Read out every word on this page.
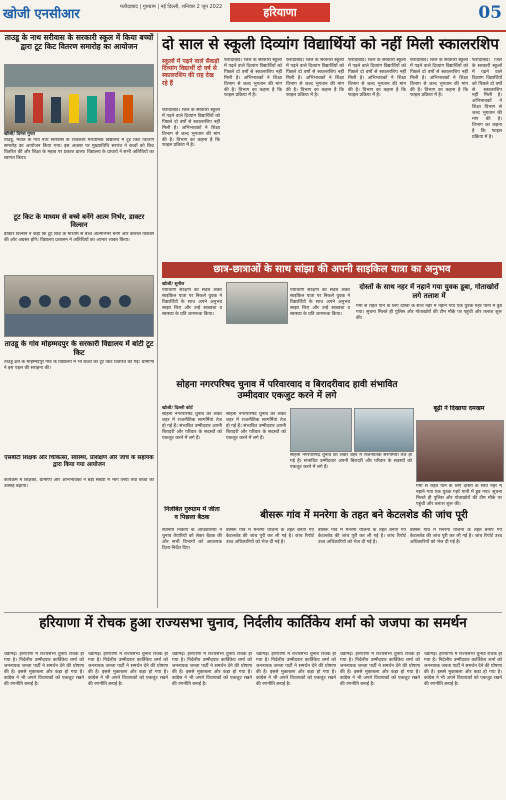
खोजी एनसीआर	फरीदाबाद | गुरुग्राम | नई दिल्ली, शनिवार 2 जून 2022	हरियाणा	05
ताउडू के नाथ सरीवास के सरकारी स्कूल में किया बच्चों द्वारा टूट किट वितरण समारोह का आयोजन
खोजी/ दिनेश गुप्ता
ताउडू, मेवात के गांव नाथ सरीवास के राजकीय माध्यमिक विद्यालय में टूट किट वितरण समारोह का आयोजन किया गया। इस अवसर पर मुख्यातिथि सरपंच ने बच्चों को किट वितरित कीं और शिक्षा के महत्व पर प्रकाश डाला। विद्यालय के प्राचार्य ने सभी अतिथियों का स्वागत किया।
टूट किट के माध्यम से बच्चे बनेंगे आत्म निर्भर, डाक्टर विल्सन
डाक्टर विल्सन ने कहा कि टूट किट के माध्यम से बच्चे आत्मनिर्भर बनेंगे और कौशल विकास की ओर अग्रसर होंगे। विद्यालय प्रशासन ने अतिथियों का आभार व्यक्त किया।
ताउडू के गांव मोहम्मदपुर के सरकारी विद्यालय में बांटी टूट किट
ताउडू क्षेत्र के मोहम्मदपुर गांव के विद्यालय में भी बच्चों को टूट किट वितरित की गई। ग्रामीणों ने इस पहल की सराहना की।
एसबीटी शिक्षक और चिकित्सा, स्वास्थ्य, प्रशिक्षण और जांच के सहायक द्वारा किया गया आयोजन
कार्यक्रम में शिक्षकों, ग्रामीणों और अभिभावकों ने बड़ी संख्या में भाग लिया तथा बच्चों का उत्साह बढ़ाया।
दो साल से स्कूली दिव्यांग विद्यार्थियों को नहीं मिली स्कालरशिप
स्कूलों में पढ़ने वाले सैकड़ों दिव्यांग विद्यार्थी दो वर्ष से स्कालरशिप की राह देख रहे हैं
फरीदाबाद। जिले के सरकारी स्कूलों में पढ़ने वाले दिव्यांग विद्यार्थियों को पिछले दो वर्षों से स्कालरशिप नहीं मिली है। अभिभावकों ने शिक्षा विभाग से जल्द भुगतान की मांग की है। विभाग का कहना है कि फाइल प्रक्रिया में है।
फरीदाबाद। जिले के सरकारी स्कूलों में पढ़ने वाले दिव्यांग विद्यार्थियों को पिछले दो वर्षों से स्कालरशिप नहीं मिली है। अभिभावकों ने शिक्षा विभाग से जल्द भुगतान की मांग की है। विभाग का कहना है कि फाइल प्रक्रिया में है।
फरीदाबाद। जिले के सरकारी स्कूलों में पढ़ने वाले दिव्यांग विद्यार्थियों को पिछले दो वर्षों से स्कालरशिप नहीं मिली है। अभिभावकों ने शिक्षा विभाग से जल्द भुगतान की मांग की है। विभाग का कहना है कि फाइल प्रक्रिया में है।
फरीदाबाद। जिले के सरकारी स्कूलों में पढ़ने वाले दिव्यांग विद्यार्थियों को पिछले दो वर्षों से स्कालरशिप नहीं मिली है। अभिभावकों ने शिक्षा विभाग से जल्द भुगतान की मांग की है। विभाग का कहना है कि फाइल प्रक्रिया में है।
फरीदाबाद। जिले के सरकारी स्कूलों में पढ़ने वाले दिव्यांग विद्यार्थियों को पिछले दो वर्षों से स्कालरशिप नहीं मिली है। अभिभावकों ने शिक्षा विभाग से जल्द भुगतान की मांग की है। विभाग का कहना है कि फाइल प्रक्रिया में है।
फरीदाबाद। जिले के सरकारी स्कूलों में पढ़ने वाले दिव्यांग विद्यार्थियों को पिछले दो वर्षों से स्कालरशिप नहीं मिली है। अभिभावकों ने शिक्षा विभाग से जल्द भुगतान की मांग की है। विभाग का कहना है कि फाइल प्रक्रिया में है।
छात्र-छात्राओं के साथ सांझा की अपनी साइकिल यात्रा का अनुभव
खोजी/ सुनील
पर्यावरण संरक्षण का संदेश लेकर साइकिल यात्रा पर निकले युवक ने विद्यार्थियों के साथ अपने अनुभव साझा किए और उन्हें स्वच्छता व स्वास्थ्य के प्रति जागरूक किया।
पर्यावरण संरक्षण का संदेश लेकर साइकिल यात्रा पर निकले युवक ने विद्यार्थियों के साथ अपने अनुभव साझा किए और उन्हें स्वच्छता व स्वास्थ्य के प्रति जागरूक किया।
दोस्तों के साथ नहर में नहाने गया युवक डूबा, गोताखोरों लगे तलाश में
गर्मी से राहत पाने के लिए दोस्तों के साथ नहर में नहाने गया एक युवक गहरे पानी में डूब गया। सूचना मिलते ही पुलिस और गोताखोरों की टीम मौके पर पहुंची और तलाश शुरू की।
सोहना नगरपरिषद चुनाव में परिवारवाद व बिरादरीवाद हावी संभावित उम्मीदवार एकजुट करने में लगे
खोजी/ दिल्ली कोर्ट
सोहना नगरपरिषद चुनाव को लेकर शहर में राजनीतिक सरगर्मियां तेज हो गई हैं। संभावित उम्मीदवार अपनी बिरादरी और परिवार के सदस्यों को एकजुट करने में लगे हैं।
सोहना नगरपरिषद चुनाव को लेकर शहर में राजनीतिक सरगर्मियां तेज हो गई हैं। संभावित उम्मीदवार अपनी बिरादरी और परिवार के सदस्यों को एकजुट करने में लगे हैं।
सोहना नगरपरिषद चुनाव को लेकर शहर में राजनीतिक सरगर्मियां तेज हो गई हैं। संभावित उम्मीदवार अपनी बिरादरी और परिवार के सदस्यों को एकजुट करने में लगे हैं।
बूढ़ी ने दिखाया दमखम
गर्मी से राहत पाने के लिए दोस्तों के साथ नहर में नहाने गया एक युवक गहरे पानी में डूब गया। सूचना मिलते ही पुलिस और गोताखोरों की टीम मौके पर पहुंची और तलाश शुरू की।
निलंबित गुरुग्राम में जीता व पिछला बैठक
स्थानीय निकाय के अधिकारियों ने चुनाव तैयारियों को लेकर बैठक की और सभी विभागों को आवश्यक दिशा-निर्देश दिए।
बीसरू गांव में मनरेगा के तहत बने केटलशेड की जांच पूरी
बीसरू गांव में मनरेगा योजना के तहत बनाए गए केटलशेड की जांच पूरी कर ली गई है। जांच रिपोर्ट उच्च अधिकारियों को भेज दी गई है।
बीसरू गांव में मनरेगा योजना के तहत बनाए गए केटलशेड की जांच पूरी कर ली गई है। जांच रिपोर्ट उच्च अधिकारियों को भेज दी गई है।
बीसरू गांव में मनरेगा योजना के तहत बनाए गए केटलशेड की जांच पूरी कर ली गई है। जांच रिपोर्ट उच्च अधिकारियों को भेज दी गई है।
हरियाणा में रोचक हुआ राज्यसभा चुनाव, निर्दलीय कार्तिकेय शर्मा को जजपा का समर्थन
चंडीगढ़। हरियाणा में राज्यसभा चुनाव रोचक हो गया है। निर्दलीय उम्मीदवार कार्तिकेय शर्मा को जननायक जनता पार्टी ने समर्थन देने की घोषणा की है। इससे मुकाबला और कड़ा हो गया है। कांग्रेस ने भी अपने विधायकों को एकजुट रखने की रणनीति बनाई है।
चंडीगढ़। हरियाणा में राज्यसभा चुनाव रोचक हो गया है। निर्दलीय उम्मीदवार कार्तिकेय शर्मा को जननायक जनता पार्टी ने समर्थन देने की घोषणा की है। इससे मुकाबला और कड़ा हो गया है। कांग्रेस ने भी अपने विधायकों को एकजुट रखने की रणनीति बनाई है।
चंडीगढ़। हरियाणा में राज्यसभा चुनाव रोचक हो गया है। निर्दलीय उम्मीदवार कार्तिकेय शर्मा को जननायक जनता पार्टी ने समर्थन देने की घोषणा की है। इससे मुकाबला और कड़ा हो गया है। कांग्रेस ने भी अपने विधायकों को एकजुट रखने की रणनीति बनाई है।
चंडीगढ़। हरियाणा में राज्यसभा चुनाव रोचक हो गया है। निर्दलीय उम्मीदवार कार्तिकेय शर्मा को जननायक जनता पार्टी ने समर्थन देने की घोषणा की है। इससे मुकाबला और कड़ा हो गया है। कांग्रेस ने भी अपने विधायकों को एकजुट रखने की रणनीति बनाई है।
चंडीगढ़। हरियाणा में राज्यसभा चुनाव रोचक हो गया है। निर्दलीय उम्मीदवार कार्तिकेय शर्मा को जननायक जनता पार्टी ने समर्थन देने की घोषणा की है। इससे मुकाबला और कड़ा हो गया है। कांग्रेस ने भी अपने विधायकों को एकजुट रखने की रणनीति बनाई है।
चंडीगढ़। हरियाणा में राज्यसभा चुनाव रोचक हो गया है। निर्दलीय उम्मीदवार कार्तिकेय शर्मा को जननायक जनता पार्टी ने समर्थन देने की घोषणा की है। इससे मुकाबला और कड़ा हो गया है। कांग्रेस ने भी अपने विधायकों को एकजुट रखने की रणनीति बनाई है।
